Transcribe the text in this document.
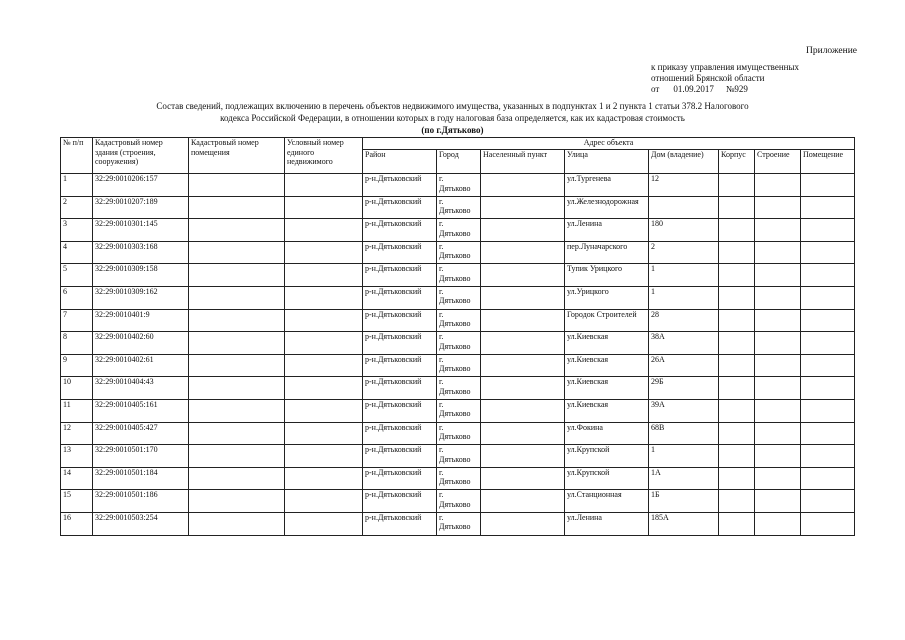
Приложение
к приказу управления имущественных
отношений Брянской области
от 01.09.2017 №929
Состав сведений, подлежащих включению в перечень объектов недвижимого имущества, указанных в подпунктах 1 и 2 пункта 1 статьи 378.2 Налогового
кодекса Российской Федерации, в отношении которых в году налоговая база определяется, как их кадастровая стоимость
(по г.Дятьково)
№ п/п	Кадастровый номер здания (строения, сооружения)	Кадастровый номер помещения	Условный номер единого недвижимого	Адрес объекта							
				Район	Город	Населенный пункт	Улица	Дом (владение)	Корпус	Строение	Помещение
1	32:29:0010206:157			р-н.Дятьковский	г.
Дятьково		ул.Тургенева	12			
2	32:29:0010207:189			р-н.Дятьковский	г.
Дятьково		ул.Железнодорожная				
3	32:29:0010301:145			р-н.Дятьковский	г.
Дятьково		ул.Ленина	180			
4	32:29:0010303:168			р-н.Дятьковский	г.
Дятьково		пер.Луначарского	2			
5	32:29:0010309:158			р-н.Дятьковский	г.
Дятьково		Тупик Урицкого	1			
6	32:29:0010309:162			р-н.Дятьковский	г.
Дятьково		ул.Урицкого	1			
7	32:29:0010401:9			р-н.Дятьковский	г.
Дятьково		Городок Строителей	28			
8	32:29:0010402:60			р-н.Дятьковский	г.
Дятьково		ул.Киевская	38А			
9	32:29:0010402:61			р-н.Дятьковский	г.
Дятьково		ул.Киевская	26А			
10	32:29:0010404:43			р-н.Дятьковский	г.
Дятьково		ул.Киевская	29Б			
11	32:29:0010405:161			р-н.Дятьковский	г.
Дятьково		ул.Киевская	39А			
12	32:29:0010405:427			р-н.Дятьковский	г.
Дятьково		ул.Фокина	68В			
13	32:29:0010501:170			р-н.Дятьковский	г.
Дятьково		ул.Крупской	1			
14	32:29:0010501:184			р-н.Дятьковский	г.
Дятьково		ул.Крупской	1А			
15	32:29:0010501:186			р-н.Дятьковский	г.
Дятьково		ул.Станционная	1Б			
16	32:29:0010503:254			р-н.Дятьковский	г.
Дятьково		ул.Ленина	185А			
